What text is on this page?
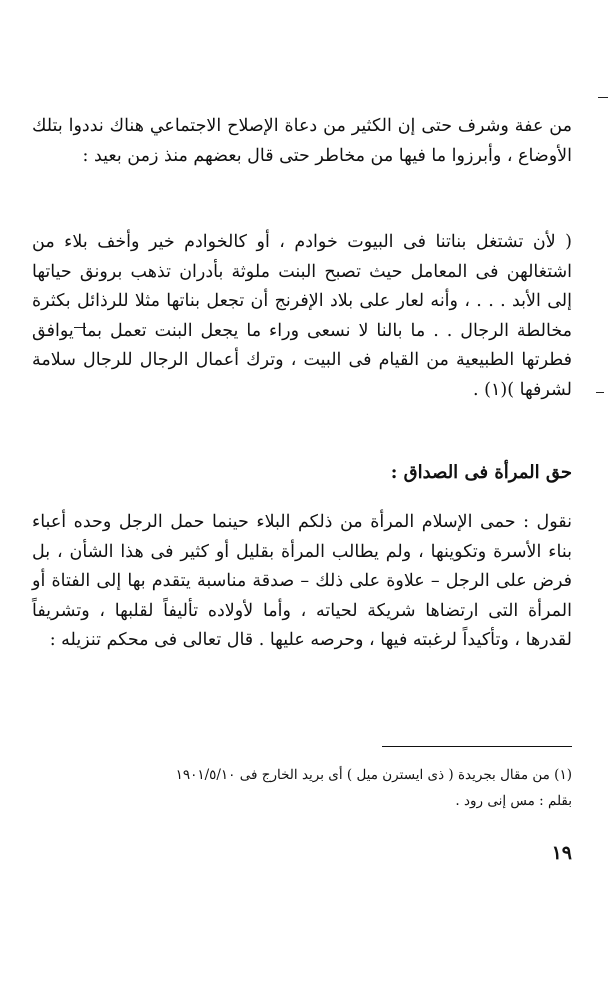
من عفة وشرف حتى إن الكثير من دعاة الإصلاح الاجتماعي هناك نددوا بتلك الأوضاع ، وأبرزوا ما فيها من مخاطر حتى قال بعضهم منذ زمن بعيد :

( لأن تشتغل بناتنا فى البيوت خوادم ، أو كالخوادم خير وأخف بلاء من اشتغالهن فى المعامل حيث تصبح البنت ملوثة بأدران تذهب برونق حياتها إلى الأبد . . . ، وأنه لعار على بلاد الإفرنج أن تجعل بناتها مثلا للرذائل بكثرة مخالطة الرجال . . ما بالنا لا نسعى وراء ما يجعل البنت تعمل بما يوافق فطرتها الطبيعية من القيام فى البيت ، وترك أعمال الرجال للرجال سلامة لشرفها )(١) .

حق المرأة فى الصداق :

نقول : حمى الإسلام المرأة من ذلكم البلاء حينما حمل الرجل وحده أعباء بناء الأسرة وتكوينها ، ولم يطالب المرأة بقليل أو كثير فى هذا الشأن ، بل فرض على الرجل – علاوة على ذلك – صدقة مناسبة يتقدم بها إلى الفتاة أو المرأة التى ارتضاها شريكة لحياته ، وأما لأولاده تأليفاً لقلبها ، وتشريفاً لقدرها ، وتأكيداً لرغبته فيها ، وحرصه عليها . قال تعالى فى محكم تنزيله :

(١) من مقال بجريدة ( ذى ايسترن ميل ) أى بريد الخارج فى ١٩٠١/٥/١٠
بقلم : مس إنى رود .
١٩
